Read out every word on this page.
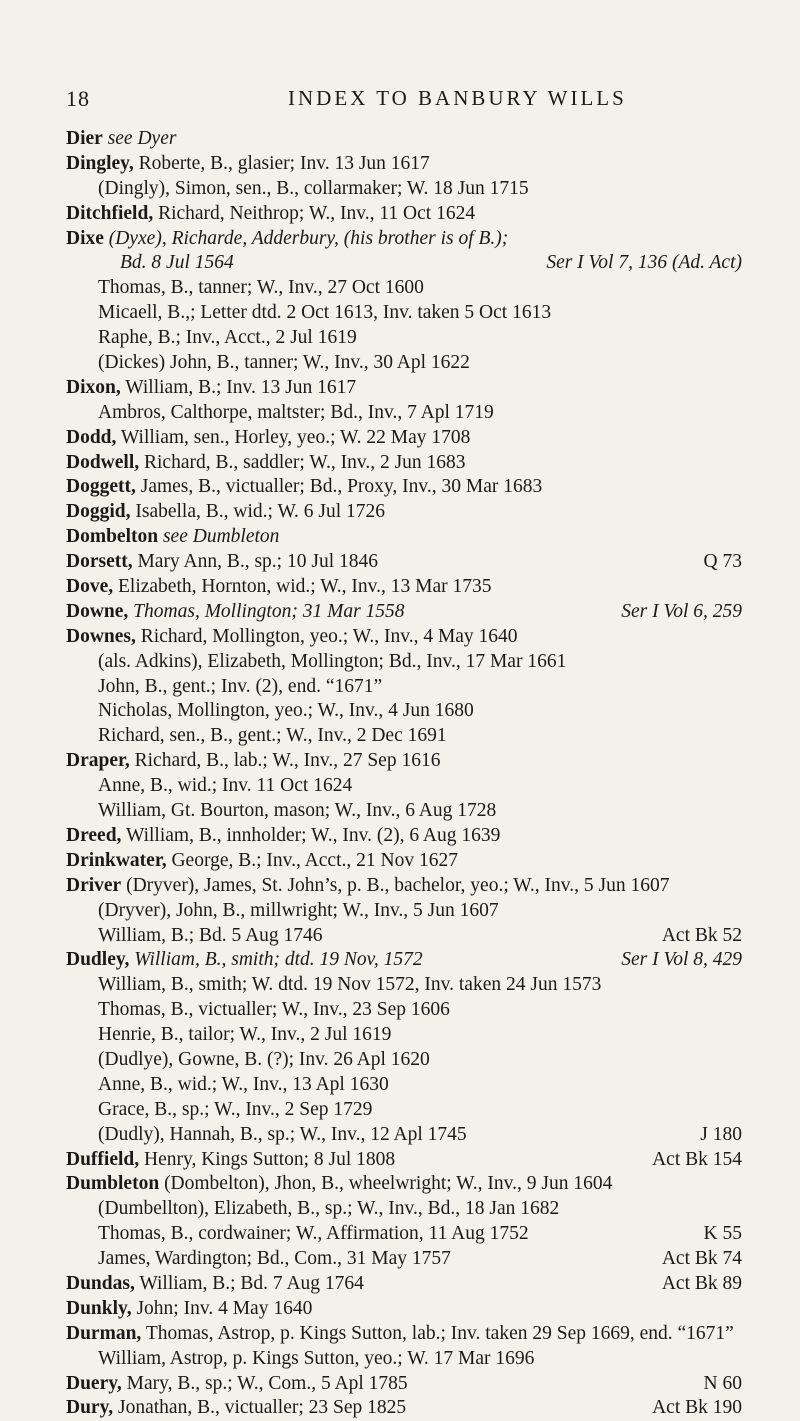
18	INDEX TO BANBURY WILLS
Dier see Dyer
Dingley, Roberte, B., glasier; Inv. 13 Jun 1617
(Dingly), Simon, sen., B., collarmaker; W. 18 Jun 1715
Ditchfield, Richard, Neithrop; W., Inv., 11 Oct 1624
Dixe (Dyxe), Richarde, Adderbury, (his brother is of B.);
Bd. 8 Jul 1564	Ser I Vol 7, 136 (Ad. Act)
Thomas, B., tanner; W., Inv., 27 Oct 1600
Micaell, B.,; Letter dtd. 2 Oct 1613, Inv. taken 5 Oct 1613
Raphe, B.; Inv., Acct., 2 Jul 1619
(Dickes) John, B., tanner; W., Inv., 30 Apl 1622
Dixon, William, B.; Inv. 13 Jun 1617
Ambros, Calthorpe, maltster; Bd., Inv., 7 Apl 1719
Dodd, William, sen., Horley, yeo.; W. 22 May 1708
Dodwell, Richard, B., saddler; W., Inv., 2 Jun 1683
Doggett, James, B., victualler; Bd., Proxy, Inv., 30 Mar 1683
Doggid, Isabella, B., wid.; W. 6 Jul 1726
Dombelton see Dumbleton
Dorsett, Mary Ann, B., sp.; 10 Jul 1846	Q 73
Dove, Elizabeth, Hornton, wid.; W., Inv., 13 Mar 1735
Downe, Thomas, Mollington; 31 Mar 1558	Ser I Vol 6, 259
Downes, Richard, Mollington, yeo.; W., Inv., 4 May 1640
(als. Adkins), Elizabeth, Mollington; Bd., Inv., 17 Mar 1661
John, B., gent.; Inv. (2), end. “1671”
Nicholas, Mollington, yeo.; W., Inv., 4 Jun 1680
Richard, sen., B., gent.; W., Inv., 2 Dec 1691
Draper, Richard, B., lab.; W., Inv., 27 Sep 1616
Anne, B., wid.; Inv. 11 Oct 1624
William, Gt. Bourton, mason; W., Inv., 6 Aug 1728
Dreed, William, B., innholder; W., Inv. (2), 6 Aug 1639
Drinkwater, George, B.; Inv., Acct., 21 Nov 1627
Driver (Dryver), James, St. John’s, p. B., bachelor, yeo.; W., Inv., 5 Jun 1607
(Dryver), John, B., millwright; W., Inv., 5 Jun 1607
William, B.; Bd. 5 Aug 1746	Act Bk 52
Dudley, William, B., smith; dtd. 19 Nov, 1572	Ser I Vol 8, 429
William, B., smith; W. dtd. 19 Nov 1572, Inv. taken 24 Jun 1573
Thomas, B., victualler; W., Inv., 23 Sep 1606
Henrie, B., tailor; W., Inv., 2 Jul 1619
(Dudlye), Gowne, B. (?); Inv. 26 Apl 1620
Anne, B., wid.; W., Inv., 13 Apl 1630
Grace, B., sp.; W., Inv., 2 Sep 1729
(Dudly), Hannah, B., sp.; W., Inv., 12 Apl 1745	J 180
Duffield, Henry, Kings Sutton; 8 Jul 1808	Act Bk 154
Dumbleton (Dombelton), Jhon, B., wheelwright; W., Inv., 9 Jun 1604
(Dumbellton), Elizabeth, B., sp.; W., Inv., Bd., 18 Jan 1682
Thomas, B., cordwainer; W., Affirmation, 11 Aug 1752	K 55
James, Wardington; Bd., Com., 31 May 1757	Act Bk 74
Dundas, William, B.; Bd. 7 Aug 1764	Act Bk 89
Dunkly, John; Inv. 4 May 1640
Durman, Thomas, Astrop, p. Kings Sutton, lab.; Inv. taken 29 Sep 1669, end. “1671”
William, Astrop, p. Kings Sutton, yeo.; W. 17 Mar 1696
Duery, Mary, B., sp.; W., Com., 5 Apl 1785	N 60
Dury, Jonathan, B., victualler; 23 Sep 1825	Act Bk 190
